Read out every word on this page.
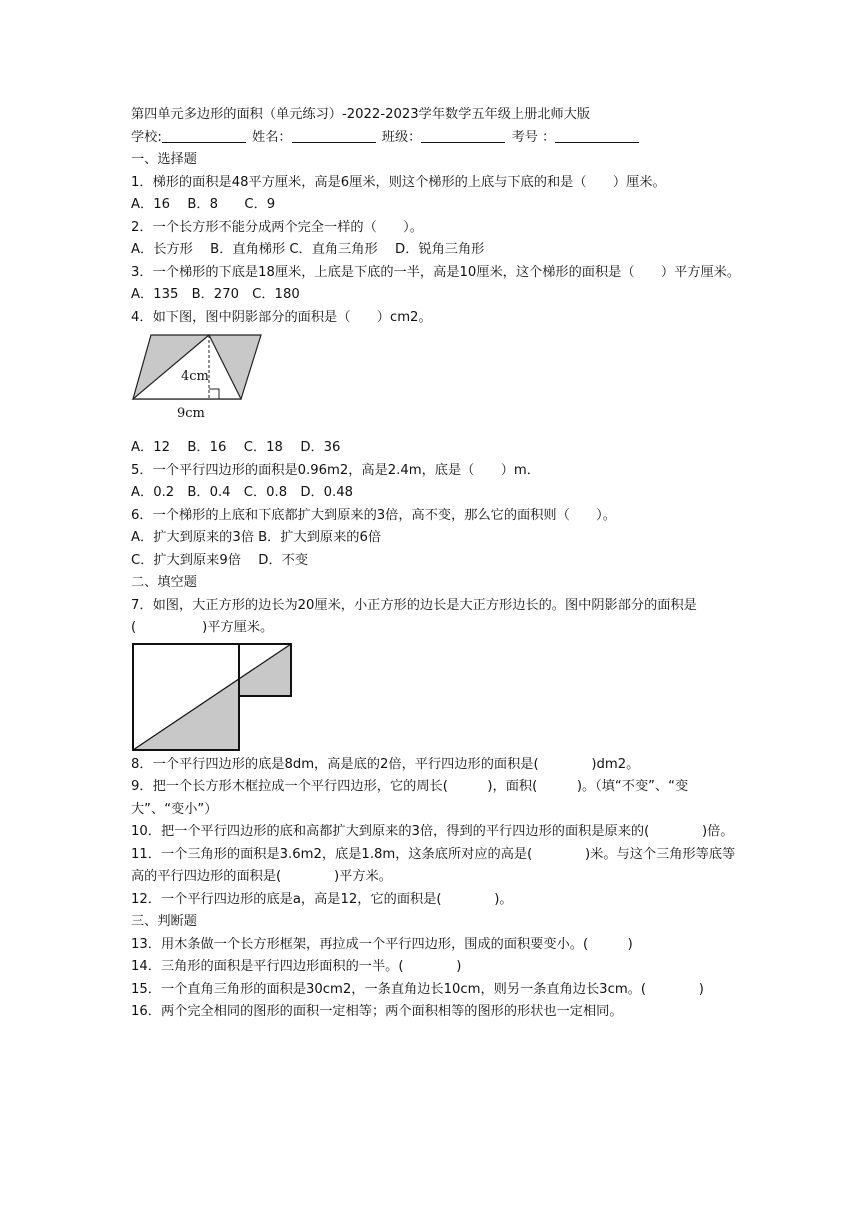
第四单元多边形的面积（单元练习）-2022-2023学年数学五年级上册北师大版
学校:	姓名：	班级：	考号 ：
一、选择题
1．梯形的面积是48平方厘米，高是6厘米，则这个梯形的上底与下底的和是（　　）厘米。
A．16　 B．8　　C．9
2．一个长方形不能分成两个完全一样的（　　）。
A．长方形　 B．直角梯形 C．直角三角形　 D．锐角三角形
3．一个梯形的下底是18厘米，上底是下底的一半，高是10厘米，这个梯形的面积是（　　）平方厘米。
A．135　B．270　C．180
4．如下图，图中阴影部分的面积是（　　）cm2。
4cm
9cm
A．12　 B．16　 C．18　 D．36
5．一个平行四边形的面积是0.96m2，高是2.4m，底是（　　）m．
A．0.2　B．0.4　C．0.8　D．0.48
6．一个梯形的上底和下底都扩大到原来的3倍，高不变，那么它的面积则（　　）。
A．扩大到原来的3倍 B．扩大到原来的6倍
C．扩大到原来9倍　 D．不变
二、填空题
7．如图，大正方形的边长为20厘米，小正方形的边长是大正方形边长的。图中阴影部分的面积是(　　　　　)平方厘米。
8．一个平行四边形的底是8dm，高是底的2倍，平行四边形的面积是(　　　　)dm2。
9．把一个长方形木框拉成一个平行四边形，它的周长(　　　)，面积(　　　)。（填“不变”、“变大”、“变小”）
10．把一个平行四边形的底和高都扩大到原来的3倍，得到的平行四边形的面积是原来的(　　　　)倍。
11．一个三角形的面积是3.6m2，底是1.8m，这条底所对应的高是(　　　　)米。与这个三角形等底等高的平行四边形的面积是(　　　　)平方米。
12．一个平行四边形的底是a，高是12，它的面积是(　　　　)。
三、判断题
13．用木条做一个长方形框架，再拉成一个平行四边形，围成的面积要变小。(　　　)
14．三角形的面积是平行四边形面积的一半。(　　　　)
15．一个直角三角形的面积是30cm2，一条直角边长10cm，则另一条直角边长3cm。(　　　　)
16．两个完全相同的图形的面积一定相等；两个面积相等的图形的形状也一定相同。
